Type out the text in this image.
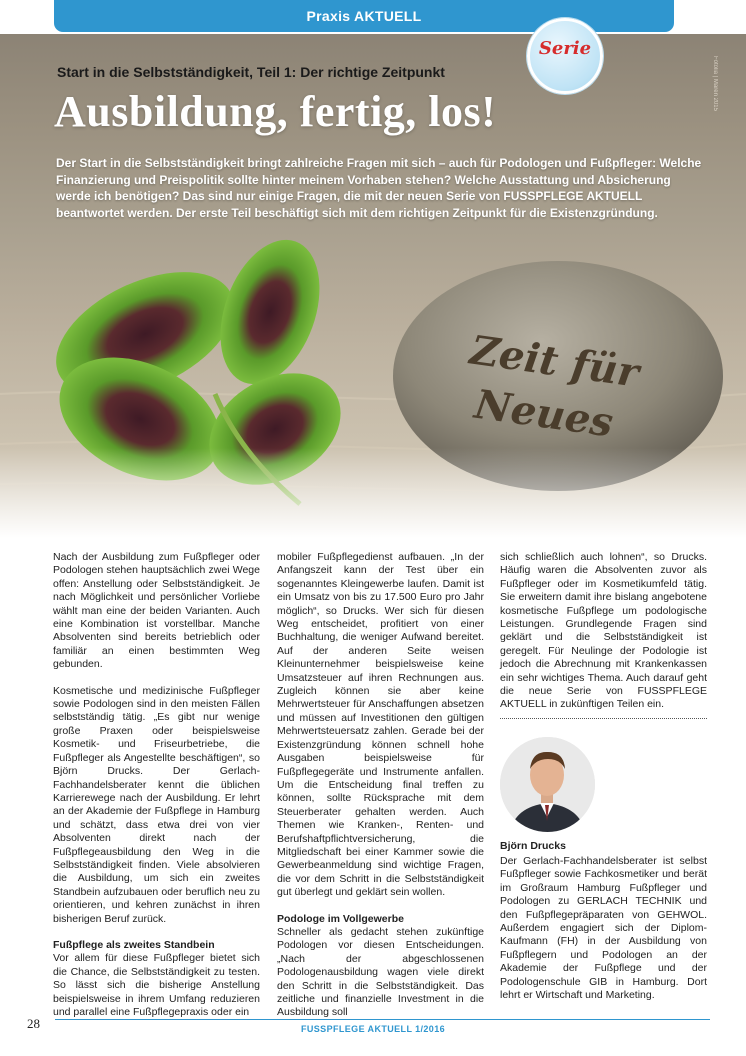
Praxis AKTUELL
Zeit für
Neues
Serie
Fotolia | Marén 2015
Start in die Selbstständigkeit, Teil 1: Der richtige Zeitpunkt
Ausbildung, fertig, los!
Der Start in die Selbstständigkeit bringt zahlreiche Fragen mit sich – auch für Podologen und Fußpfleger: Welche Finanzierung und Preispolitik sollte hinter meinem Vorhaben stehen? Welche Ausstattung und Absicherung werde ich benötigen? Das sind nur einige Fragen, die mit der neuen Serie von FUSSPFLEGE AKTUELL beantwortet werden. Der erste Teil beschäftigt sich mit dem richtigen Zeitpunkt für die Existenzgründung.

Nach der Ausbildung zum Fußpfleger oder Podologen stehen hauptsächlich zwei Wege offen: Anstellung oder Selbstständigkeit. Je nach Möglichkeit und persönlicher Vorliebe wählt man eine der beiden Varianten. Auch eine Kombination ist vorstellbar. Manche Absolventen sind bereits betrieblich oder familiär an einen bestimmten Weg gebunden.

Kosmetische und medizinische Fußpfleger sowie Podologen sind in den meisten Fällen selbstständig tätig. „Es gibt nur wenige große Praxen oder beispielsweise Kosmetik- und Friseurbetriebe, die Fußpfleger als Angestellte beschäftigen“, so Björn Drucks. Der Gerlach-Fachhandelsberater kennt die üblichen Karrierewege nach der Ausbildung. Er lehrt an der Akademie der Fußpflege in Hamburg und schätzt, dass etwa drei von vier Absolventen direkt nach der Fußpflegeausbildung den Weg in die Selbstständigkeit finden. Viele absolvieren die Ausbildung, um sich ein zweites Standbein aufzubauen oder beruflich neu zu orientieren, und kehren zunächst in ihren bisherigen Beruf zurück.

Fußpflege als zweites Standbein

Vor allem für diese Fußpfleger bietet sich die Chance, die Selbstständigkeit zu testen. So lässt sich die bisherige Anstellung beispielsweise in ihrem Umfang reduzieren und parallel eine Fußpflegepraxis oder ein

mobiler Fußpflegedienst aufbauen. „In der Anfangszeit kann der Test über ein sogenanntes Kleingewerbe laufen. Damit ist ein Umsatz von bis zu 17.500 Euro pro Jahr möglich“, so Drucks. Wer sich für diesen Weg entscheidet, profitiert von einer Buchhaltung, die weniger Aufwand bereitet. Auf der anderen Seite weisen Kleinunternehmer beispielsweise keine Umsatzsteuer auf ihren Rechnungen aus. Zugleich können sie aber keine Mehrwertsteuer für Anschaffungen absetzen und müssen auf Investitionen den gültigen Mehrwertsteuersatz zahlen. Gerade bei der Existenzgründung können schnell hohe Ausgaben beispielsweise für Fußpflegegeräte und Instrumente anfallen. Um die Entscheidung final treffen zu können, sollte Rücksprache mit dem Steuerberater gehalten werden. Auch Themen wie Kranken-, Renten- und Berufshaftpflichtversicherung, die Mitgliedschaft bei einer Kammer sowie die Gewerbeanmeldung sind wichtige Fragen, die vor dem Schritt in die Selbstständigkeit gut überlegt und geklärt sein wollen.

Podologe im Vollgewerbe

Schneller als gedacht stehen zukünftige Podologen vor diesen Entscheidungen. „Nach der abgeschlossenen Podologenausbildung wagen viele direkt den Schritt in die Selbstständigkeit. Das zeitliche und finanzielle Investment in die Ausbildung soll

sich schließlich auch lohnen“, so Drucks. Häufig waren die Absolventen zuvor als Fußpfleger oder im Kosmetikumfeld tätig. Sie erweitern damit ihre bislang angebotene kosmetische Fußpflege um podologische Leistungen. Grundlegende Fragen sind geklärt und die Selbstständigkeit ist geregelt. Für Neulinge der Podologie ist jedoch die Abrechnung mit Krankenkassen ein sehr wichtiges Thema. Auch darauf geht die neue Serie von FUSSPFLEGE AKTUELL in zukünftigen Teilen ein.

Björn Drucks

Der Gerlach-Fachhandelsberater ist selbst Fußpfleger sowie Fachkosmetiker und berät im Großraum Hamburg Fußpfleger und Podologen zu GERLACH TECHNIK und den Fußpflegepräparaten von GEHWOL. Außerdem engagiert sich der Diplom-Kaufmann (FH) in der Ausbildung von Fußpflegern und Podologen an der Akademie der Fußpflege und der Podologenschule GIB in Hamburg. Dort lehrt er Wirtschaft und Marketing.

28	FUSSPFLEGE AKTUELL 1/2016
